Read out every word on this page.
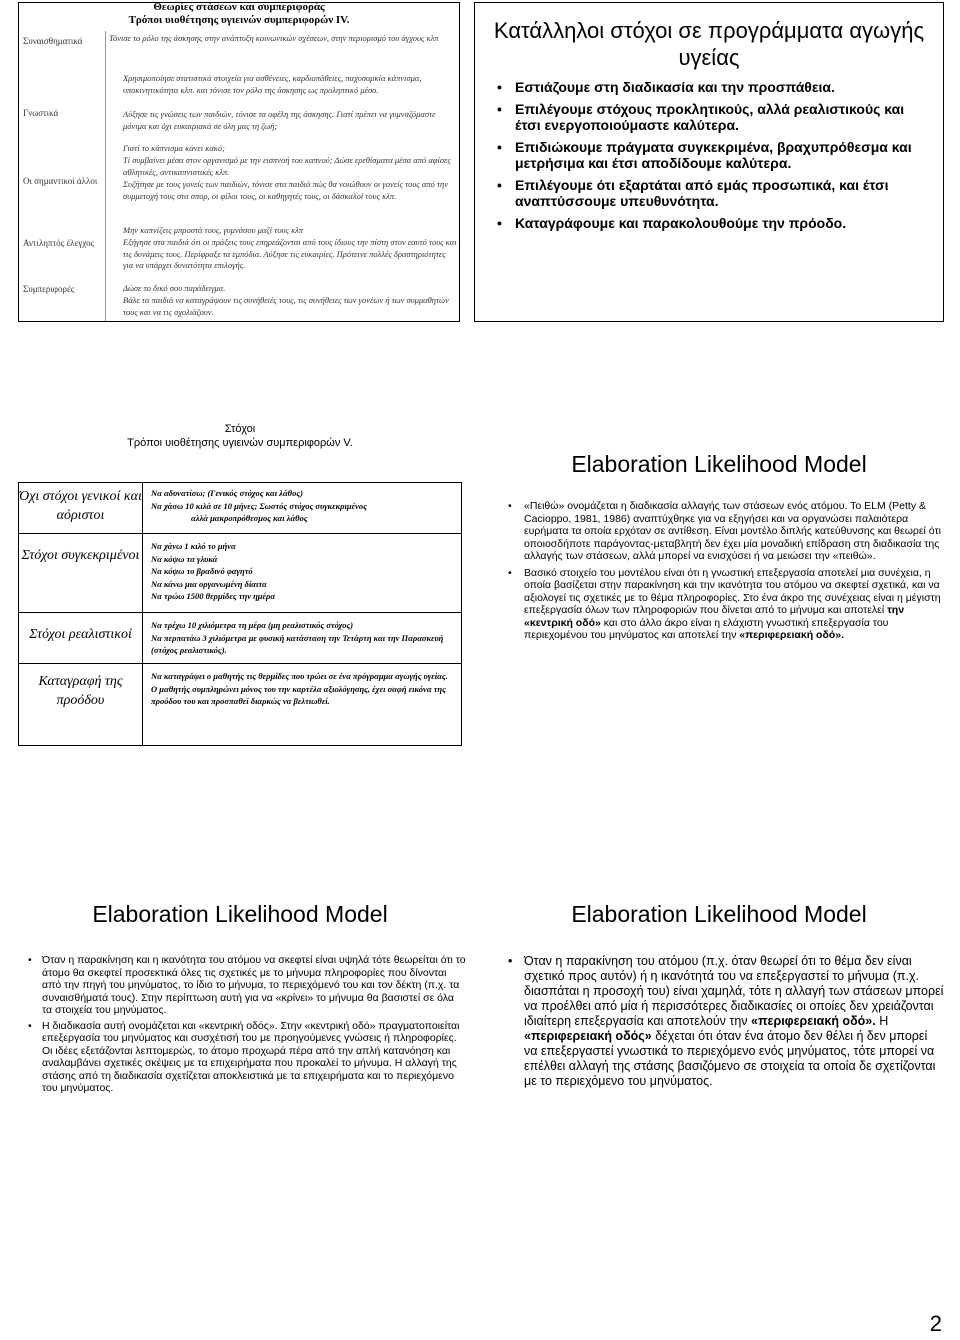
Θεωρίες στάσεων και συμπεριφοράς
Τρόποι υιοθέτησης υγιεινών συμπεριφορών IV.
Συναισθηματικά
Γνωστικά
Οι σημαντικοί άλλοι
Αντιληπτός έλεγχος
Συμπεριφορές
Τόνισε το ρόλο της άσκησης στην ανάπτυξη κοινωνικών σχέσεων, στην περιορισμό του άγχους κλπ
Χρησιμοποίησε στατιστικά στοιχεία για ασθένειες, καρδιοπάθειες, παχυσαρκία κάπνισμα, υποκινητικότητα κλπ. και τόνισε τον ρόλο της άσκησης ως προληπτικό μέσο.
Αύξησε τις γνώσεις των παιδιών, τόνισε τα οφέλη της άσκησης. Γιατί πρέπει να γυμναζόμαστε μόνιμα και όχι ευκαιριακά σε όλη μας τη ζωή;
Γιατί το κάπνισμα κάνει κακό;
Τί συμβαίνει μέσα στον οργανισμό με την εισπνοή του καπνού; Δώσε ερεθίσματα μέσα από αφίσες αθλητικές, αντικαπνιστικές κλπ.
Συζήτησε με τους γονείς των παιδιών, τόνισε στα παιδιά πώς θα νοιώθουν οι γονείς τους από την συμμετοχή τους στα σπορ, οι φίλοι τους, οι καθηγητές τους, οι δάσκαλοί τους κλπ.
Μην καπνίζεις μπροστά τους, γυμνάσου μαζί τους κλπ
Εξήγησε στα παιδιά ότι οι πράξεις τους επηρεάζονται από τους ίδιους την πίστη στον εαυτό τους και τις δυνάμεις τους. Περίφραξε τα εμπόδια. Αύξησε τις ευκαιρίες. Πρότεινε πολλές δραστηριότητες για να υπάρχει δυνατότητα επιλογής.
Δώσε το δικό σου παράδειγμα.
Βάλε τα παιδιά να καταγράψουν τις συνήθειές τους, τις συνήθειες των γονέων ή των συμμαθητών τους και να τις σχολιάζουν.
Κατάλληλοι στόχοι σε προγράμματα αγωγής υγείας
• Εστιάζουμε στη διαδικασία και την προσπάθεια.
• Επιλέγουμε στόχους προκλητικούς, αλλά ρεαλιστικούς και έτσι ενεργοποιούμαστε καλύτερα.
• Επιδιώκουμε πράγματα συγκεκριμένα, βραχυπρόθεσμα και μετρήσιμα και έτσι αποδίδουμε καλύτερα.
• Επιλέγουμε ότι εξαρτάται από εμάς προσωπικά, και έτσι αναπτύσσουμε υπευθυνότητα.
• Καταγράφουμε και παρακολουθούμε την πρόοδο.
Στόχοι
Τρόποι υιοθέτησης υγιεινών συμπεριφορών V.
Όχι στόχοι γενικοί και αόριστοι
Να αδυνατίσω; (Γενικός στόχος και λάθος)
Να χάσω 10 κιλά σε 10 μήνες; Σωστός στόχος συγκεκριμένος
αλλά μακροπρόθεσμος και λάθος
Στόχοι συγκεκριμένοι
Να χάνω 1 κιλό το μήνα
Να κόψω τα γλυκά
Να κόψω το βραδινό φαγητό
Να κάνω μια οργανωμένη δίαιτα
Να τρώω 1500 θερμίδες την ημέρα
Στόχοι ρεαλιστικοί
Να τρέχω 10 χιλιόμετρα τη μέρα (μη ρεαλιστικός στόχος)
Να περπατάω 3 χιλιόμετρα με φυσική κατάσταση την Τετάρτη και την Παρασκευή (στόχος ρεαλιστικός).
Καταγραφή της προόδου
Να καταγράφει ο μαθητής τις θερμίδες που τρώει σε ένα πρόγραμμα αγωγής υγείας.
Ο μαθητής συμπληρώνει μόνος του την καρτέλα αξιολόγησης, έχει σαφή εικόνα της προόδου του και προσπαθεί διαρκώς να βελτιωθεί.
Elaboration Likelihood Model
• «Πειθώ» ονομάζεται η διαδικασία αλλαγής των στάσεων ενός ατόμου. Το ELM (Petty & Cacioppo, 1981, 1986) αναπτύχθηκε για να εξηγήσει και να οργανώσει παλαιότερα ευρήματα τα οποία ερχόταν σε αντίθεση. Είναι μοντέλο διπλής κατεύθυνσης και θεωρεί ότι οποιοσδήποτε παράγοντας-μεταβλητή δεν έχει μία μοναδική επίδραση στη διαδικασία της αλλαγής των στάσεων, αλλά μπορεί να ενισχύσει ή να μειώσει την «πειθώ».
• Βασικό στοιχείο του μοντέλου είναι ότι η γνωστική επεξεργασία αποτελεί μια συνέχεια, η οποία βασίζεται στην παρακίνηση και την ικανότητα του ατόμου να σκεφτεί σχετικά, και να αξιολογεί τις σχετικές με το θέμα πληροφορίες. Στο ένα άκρο της συνέχειας είναι η μέγιστη επεξεργασία όλων των πληροφοριών που δίνεται από το μήνυμα και αποτελεί την «κεντρική οδό» και στο άλλο άκρο είναι η ελάχιστη γνωστική επεξεργασία του περιεχομένου του μηνύματος και αποτελεί την «περιφερειακή οδό».
Elaboration Likelihood Model
• Όταν η παρακίνηση και η ικανότητα του ατόμου να σκεφτεί είναι υψηλά τότε θεωρείται ότι το άτομο θα σκεφτεί προσεκτικά όλες τις σχετικές με το μήνυμα πληροφορίες που δίνονται από την πηγή του μηνύματος, το ίδιο το μήνυμα, το περιεχόμενό του και τον δέκτη (π.χ. τα συναισθήματά τους). Στην περίπτωση αυτή για να «κρίνει» το μήνυμα θα βασιστεί σε όλα τα στοιχεία του μηνύματος.
• Η διαδικασία αυτή ονομάζεται και «κεντρική οδός». Στην «κεντρική οδό» πραγματοποιείται επεξεργασία του μηνύματος και συσχέτισή του με προηγούμενες γνώσεις ή πληροφορίες. Οι ιδέες εξετάζονται λεπτομερώς, το άτομο προχωρά πέρα από την απλή κατανόηση και αναλαμβάνει σχετικές σκέψεις με τα επιχειρήματα που προκαλεί το μήνυμα. Η αλλαγή της στάσης από τη διαδικασία σχετίζεται αποκλειστικά με τα επιχειρήματα και το περιεχόμενο του μηνύματος.
Elaboration Likelihood Model
• Όταν η παρακίνηση του ατόμου (π.χ. όταν θεωρεί ότι το θέμα δεν είναι σχετικό προς αυτόν) ή η ικανότητά του να επεξεργαστεί το μήνυμα (π.χ. διασπάται η προσοχή του) είναι χαμηλά, τότε η αλλαγή των στάσεων μπορεί να προέλθει από μία ή περισσότερες διαδικασίες οι οποίες δεν χρειάζονται ιδιαίτερη επεξεργασία και αποτελούν την «περιφερειακή οδό». Η «περιφερειακή οδός» δέχεται ότι όταν ένα άτομο δεν θέλει ή δεν μπορεί να επεξεργαστεί γνωστικά το περιεχόμενο ενός μηνύματος, τότε μπορεί να επέλθει αλλαγή της στάσης βασιζόμενο σε στοιχεία τα οποία δε σχετίζονται με το περιεχόμενο του μηνύματος.
2
